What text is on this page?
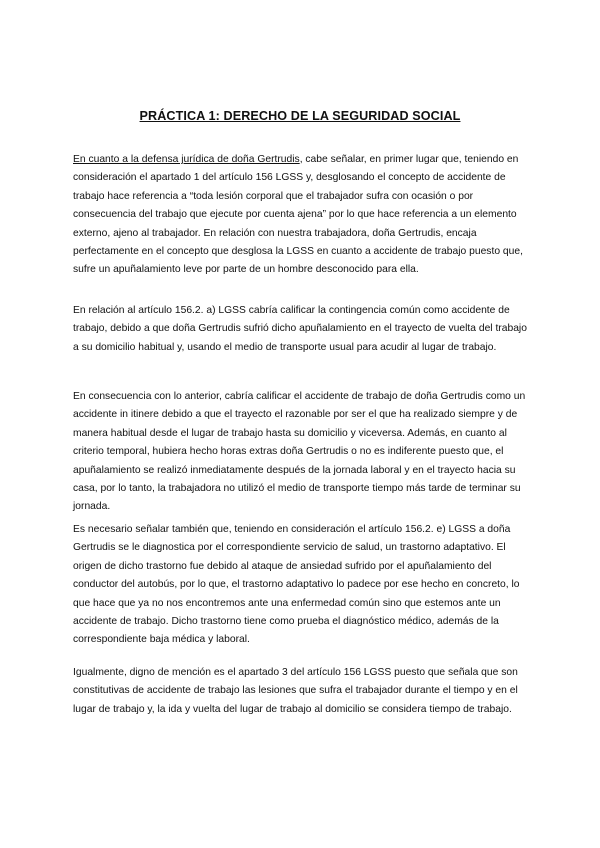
PRÁCTICA 1: DERECHO DE LA SEGURIDAD SOCIAL

En cuanto a la defensa jurídica de doña Gertrudis, cabe señalar, en primer lugar que, teniendo en consideración el apartado 1 del artículo 156 LGSS y, desglosando el concepto de accidente de trabajo hace referencia a “toda lesión corporal que el trabajador sufra con ocasión o por consecuencia del trabajo que ejecute por cuenta ajena” por lo que hace referencia a un elemento externo, ajeno al trabajador. En relación con nuestra trabajadora, doña Gertrudis, encaja perfectamente en el concepto que desglosa la LGSS en cuanto a accidente de trabajo puesto que, sufre un apuñalamiento leve por parte de un hombre desconocido para ella.

En relación al artículo 156.2. a) LGSS cabría calificar la contingencia común como accidente de trabajo, debido a que doña Gertrudis sufrió dicho apuñalamiento en el trayecto de vuelta del trabajo a su domicilio habitual y, usando el medio de transporte usual para acudir al lugar de trabajo.

En consecuencia con lo anterior, cabría calificar el accidente de trabajo de doña Gertrudis como un accidente in itinere debido a que el trayecto el razonable por ser el que ha realizado siempre y de manera habitual desde el lugar de trabajo hasta su domicilio y viceversa. Además, en cuanto al criterio temporal, hubiera hecho horas extras doña Gertrudis o no es indiferente puesto que, el apuñalamiento se realizó inmediatamente después de la jornada laboral y en el trayecto hacia su casa, por lo tanto, la trabajadora no utilizó el medio de transporte tiempo más tarde de terminar su jornada.

Es necesario señalar también que, teniendo en consideración el artículo 156.2. e) LGSS a doña Gertrudis se le diagnostica por el correspondiente servicio de salud, un trastorno adaptativo. El origen de dicho trastorno fue debido al ataque de ansiedad sufrido por el apuñalamiento del conductor del autobús, por lo que, el trastorno adaptativo lo padece por ese hecho en concreto, lo que hace que ya no nos encontremos ante una enfermedad común sino que estemos ante un accidente de trabajo. Dicho trastorno tiene como prueba el diagnóstico médico, además de la correspondiente baja médica y laboral.

Igualmente, digno de mención es el apartado 3 del artículo 156 LGSS puesto que señala que son constitutivas de accidente de trabajo las lesiones que sufra el trabajador durante el tiempo y en el lugar de trabajo y, la ida y vuelta del lugar de trabajo al domicilio se considera tiempo de trabajo.
